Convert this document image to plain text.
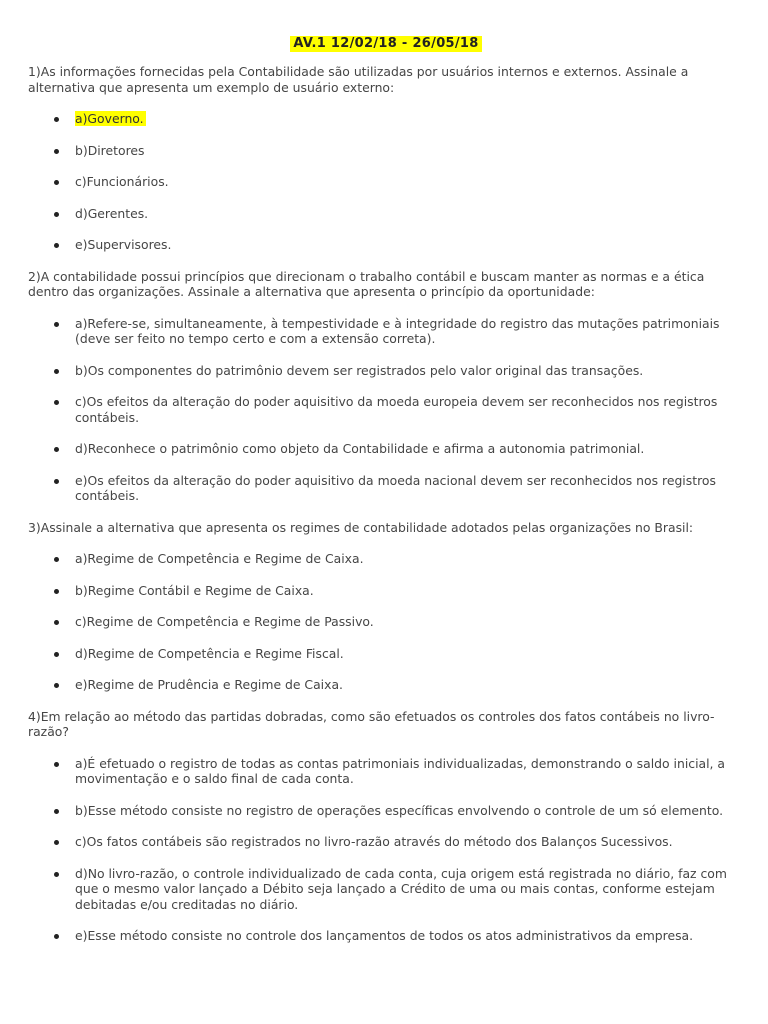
AV.1 12/02/18 - 26/05/18
1)As informações fornecidas pela Contabilidade são utilizadas por usuários internos e externos. Assinale a alternativa que apresenta um exemplo de usuário externo:
a)Governo.
b)Diretores
c)Funcionários.
d)Gerentes.
e)Supervisores.
2)A contabilidade possui princípios que direcionam o trabalho contábil e buscam manter as normas e a ética dentro das organizações. Assinale a alternativa que apresenta o princípio da oportunidade:
a)Refere-se, simultaneamente, à tempestividade e à integridade do registro das mutações patrimoniais (deve ser feito no tempo certo e com a extensão correta).
b)Os componentes do patrimônio devem ser registrados pelo valor original das transações.
c)Os efeitos da alteração do poder aquisitivo da moeda europeia devem ser reconhecidos nos registros contábeis.
d)Reconhece o patrimônio como objeto da Contabilidade e afirma a autonomia patrimonial.
e)Os efeitos da alteração do poder aquisitivo da moeda nacional devem ser reconhecidos nos registros contábeis.
3)Assinale a alternativa que apresenta os regimes de contabilidade adotados pelas organizações no Brasil:
a)Regime de Competência e Regime de Caixa.
b)Regime Contábil e Regime de Caixa.
c)Regime de Competência e Regime de Passivo.
d)Regime de Competência e Regime Fiscal.
e)Regime de Prudência e Regime de Caixa.
4)Em relação ao método das partidas dobradas, como são efetuados os controles dos fatos contábeis no livro-razão?
a)É efetuado o registro de todas as contas patrimoniais individualizadas, demonstrando o saldo inicial, a movimentação e o saldo final de cada conta.
b)Esse método consiste no registro de operações específicas envolvendo o controle de um só elemento.
c)Os fatos contábeis são registrados no livro-razão através do método dos Balanços Sucessivos.
d)No livro-razão, o controle individualizado de cada conta, cuja origem está registrada no diário, faz com que o mesmo valor lançado a Débito seja lançado a Crédito de uma ou mais contas, conforme estejam debitadas e/ou creditadas no diário.
e)Esse método consiste no controle dos lançamentos de todos os atos administrativos da empresa.
